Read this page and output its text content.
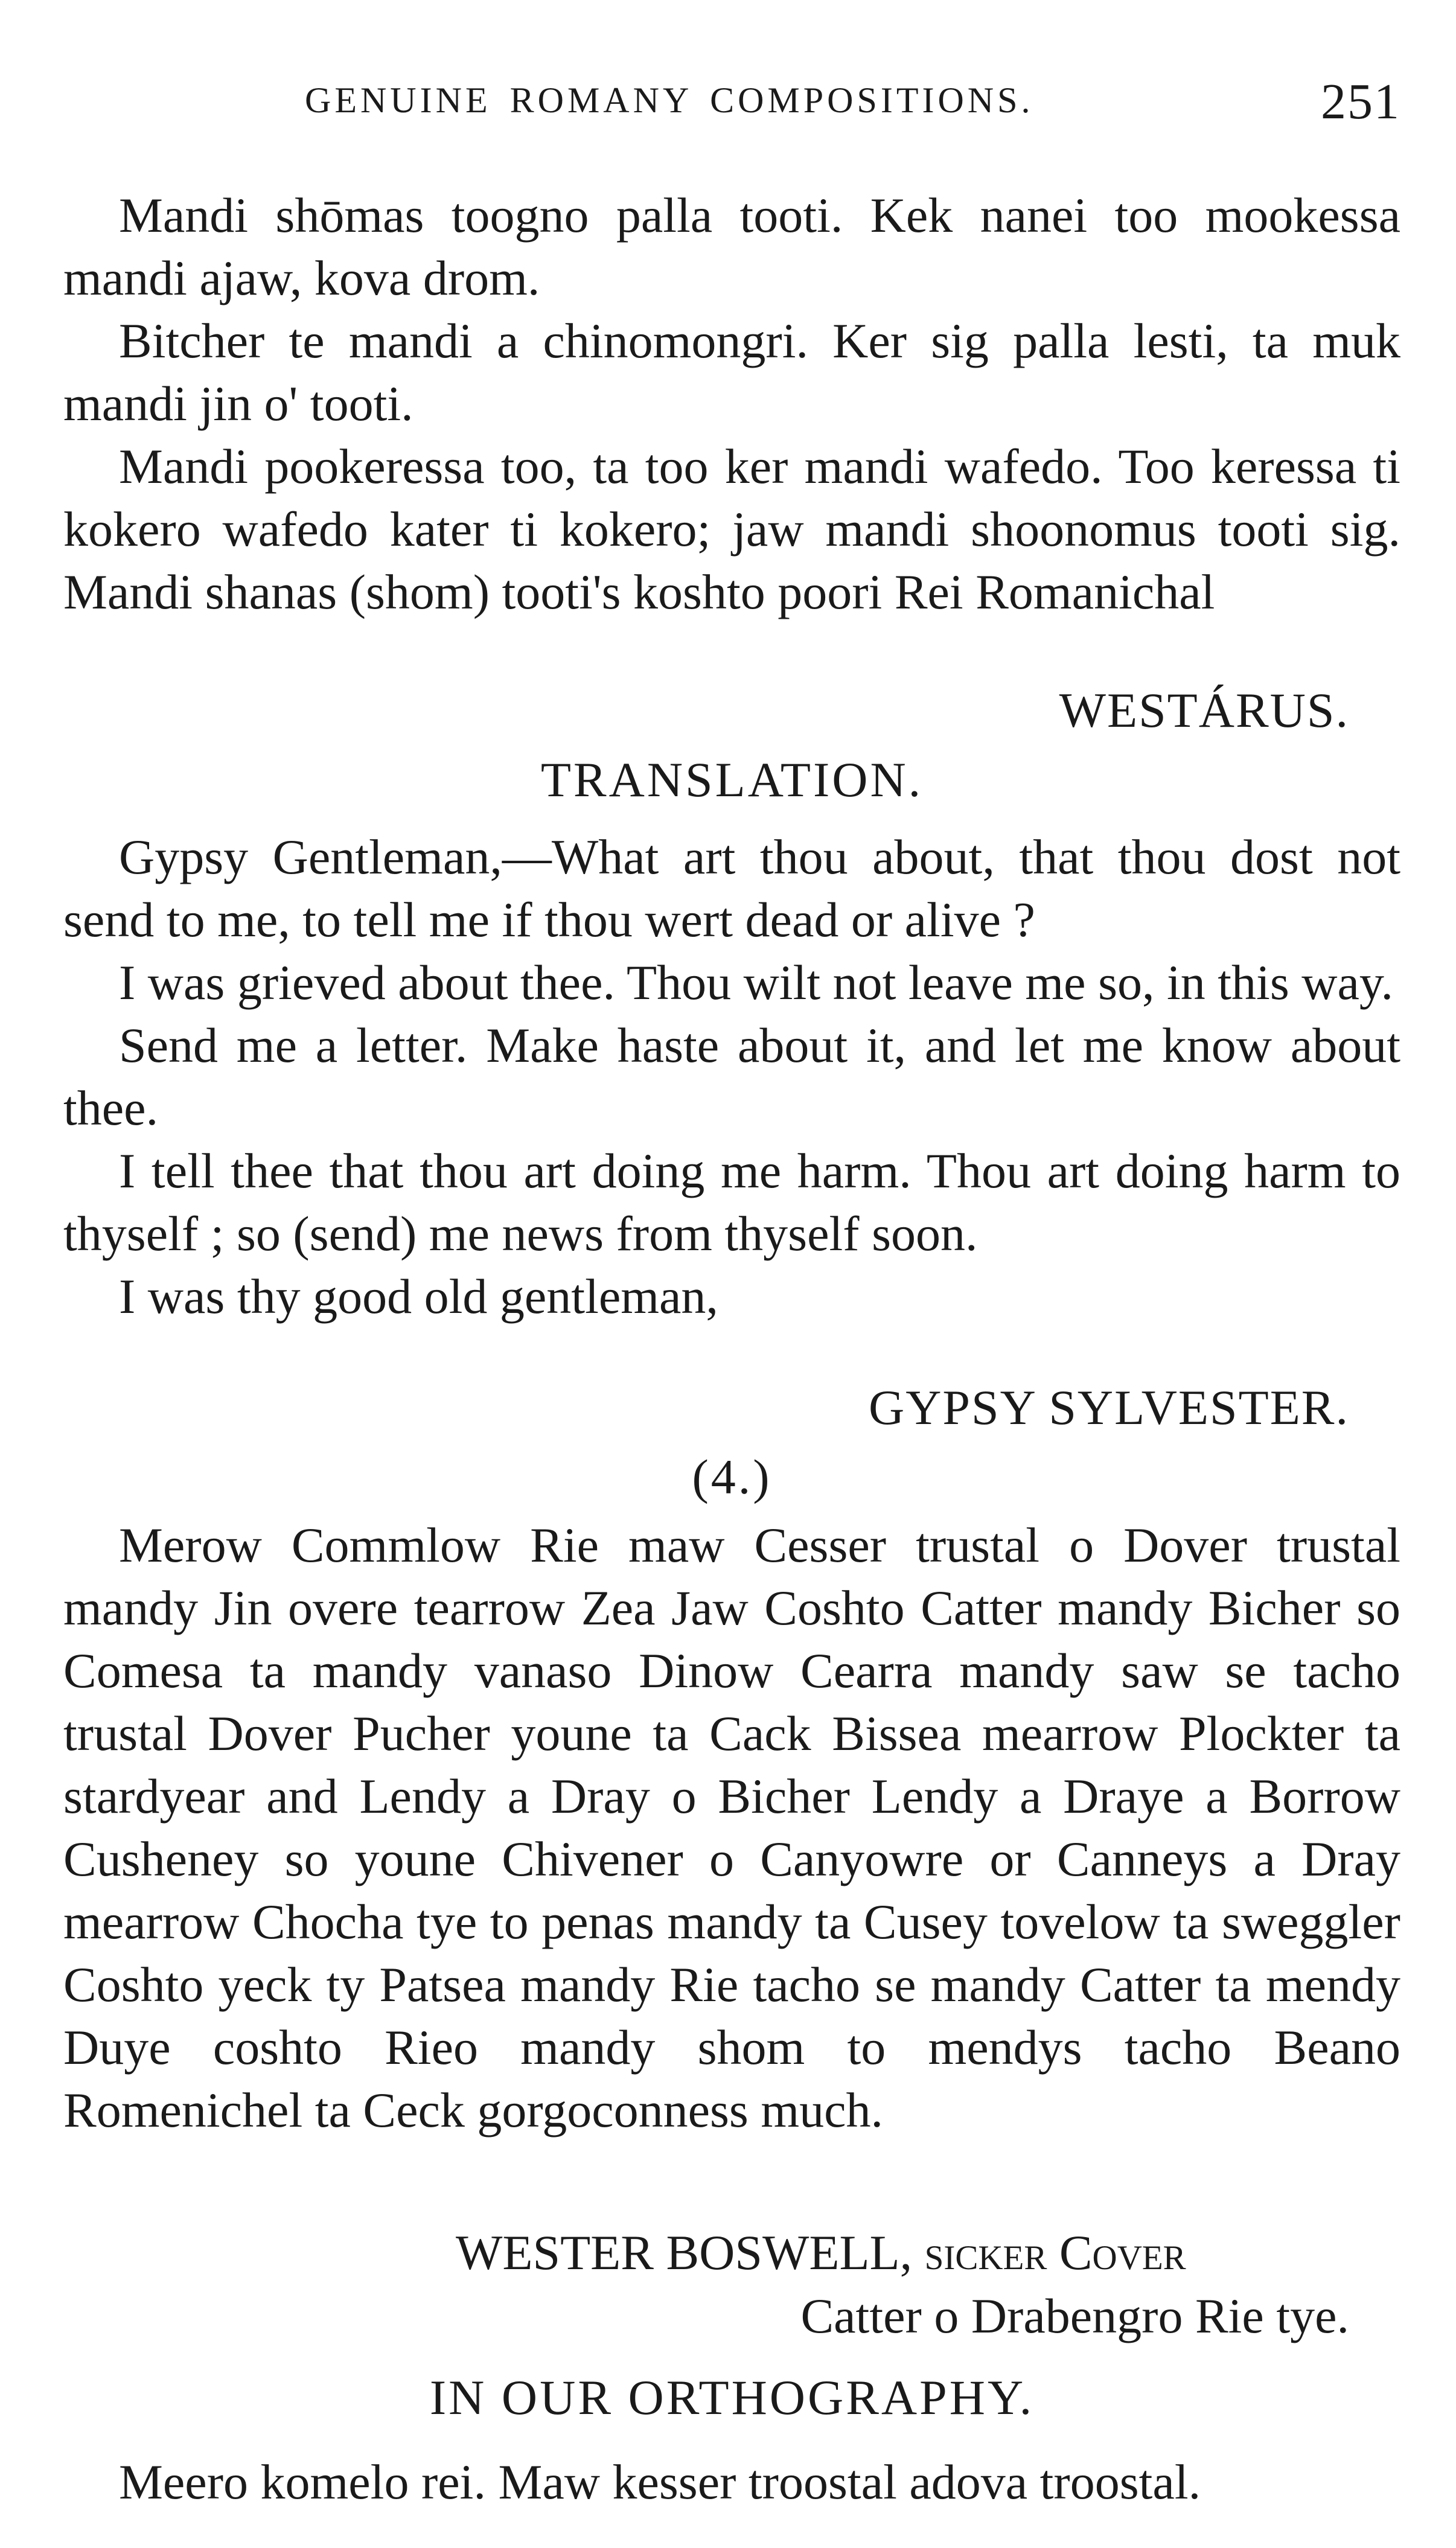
GENUINE ROMANY COMPOSITIONS.	251

Mandi shōmas toogno palla tooti. Kek nanei too mookessa mandi ajaw, kova drom.

Bitcher te mandi a chinomongri. Ker sig palla lesti, ta muk mandi jin o' tooti.

Mandi pookeressa too, ta too ker mandi wafedo. Too keressa ti kokero wafedo kater ti kokero; jaw mandi shoonomus tooti sig. Mandi shanas (shom) tooti's koshto poori Rei Romanichal

WESTÁRUS.
TRANSLATION.

Gypsy Gentleman,—What art thou about, that thou dost not send to me, to tell me if thou wert dead or alive ?

I was grieved about thee. Thou wilt not leave me so, in this way.

Send me a letter. Make haste about it, and let me know about thee.

I tell thee that thou art doing me harm. Thou art doing harm to thyself ; so (send) me news from thyself soon.

I was thy good old gentleman,

GYPSY SYLVESTER.
(4.)

Merow Commlow Rie maw Cesser trustal o Dover trustal mandy Jin overe tearrow Zea Jaw Coshto Catter mandy Bicher so Comesa ta mandy vanaso Dinow Cearra mandy saw se tacho trustal Dover Pucher youne ta Cack Bissea mearrow Plockter ta stardyear and Lendy a Dray o Bicher Lendy a Draye a Borrow Cusheney so youne Chivener o Canyowre or Canneys a Dray mearrow Chocha tye to penas mandy ta Cusey tovelow ta sweggler Coshto yeck ty Patsea mandy Rie tacho se mandy Catter ta mendy Duye coshto Rieo mandy shom to mendys tacho Beano Romenichel ta Ceck gorgoconness much.

WESTER BOSWELL, sicker Cover
Catter o Drabengro Rie tye.
IN OUR ORTHOGRAPHY.

Meero komelo rei. Maw kesser troostal adova troostal.
